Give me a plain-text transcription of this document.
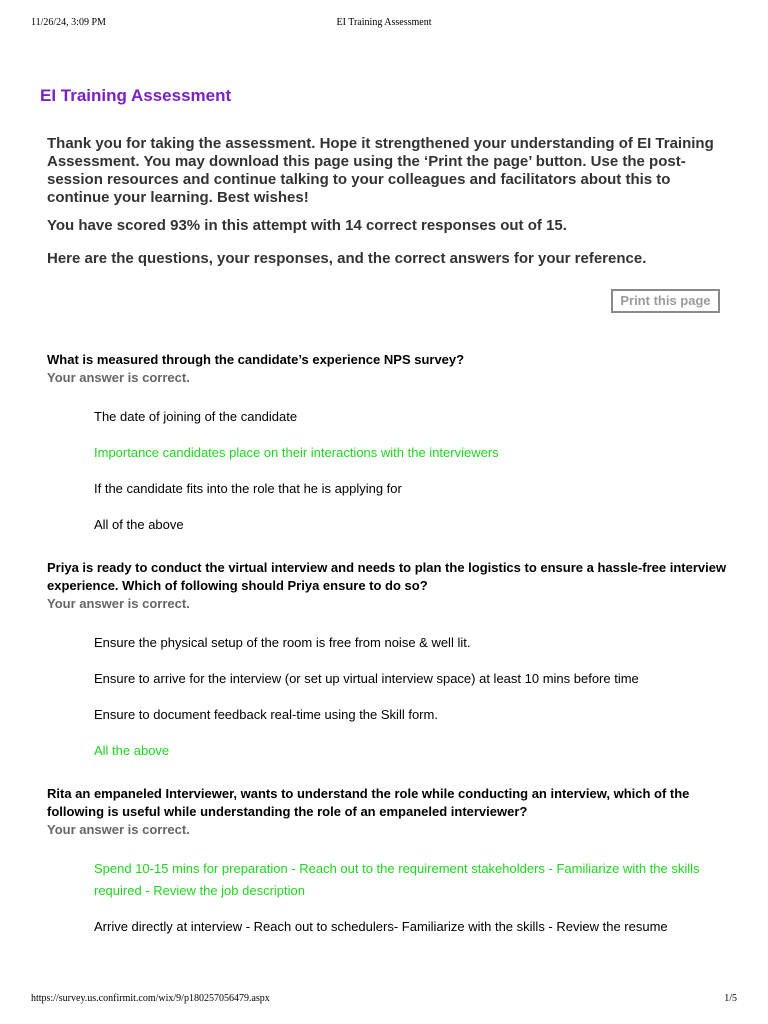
11/26/24, 3:09 PM	EI Training Assessment
EI Training Assessment

Thank you for taking the assessment. Hope it strengthened your understanding of EI Training Assessment. You may download this page using the ‘Print the page’ button. Use the post-session resources and continue talking to your colleagues and facilitators about this to continue your learning. Best wishes!

You have scored 93% in this attempt with 14 correct responses out of 15.

Here are the questions, your responses, and the correct answers for your reference.

Print this page

What is measured through the candidate’s experience NPS survey?

Your answer is correct.

The date of joining of the candidate
Importance candidates place on their interactions with the interviewers
If the candidate fits into the role that he is applying for
All of the above

Priya is ready to conduct the virtual interview and needs to plan the logistics to ensure a hassle-free interview experience. Which of following should Priya ensure to do so?

Your answer is correct.

Ensure the physical setup of the room is free from noise & well lit.
Ensure to arrive for the interview (or set up virtual interview space) at least 10 mins before time
Ensure to document feedback real-time using the Skill form.
All the above

Rita an empaneled Interviewer, wants to understand the role while conducting an interview, which of the following is useful while understanding the role of an empaneled interviewer?

Your answer is correct.

Spend 10-15 mins for preparation - Reach out to the requirement stakeholders - Familiarize with the skills required - Review the job description
Arrive directly at interview - Reach out to schedulers- Familiarize with the skills - Review the resume
https://survey.us.confirmit.com/wix/9/p180257056479.aspx	1/5
